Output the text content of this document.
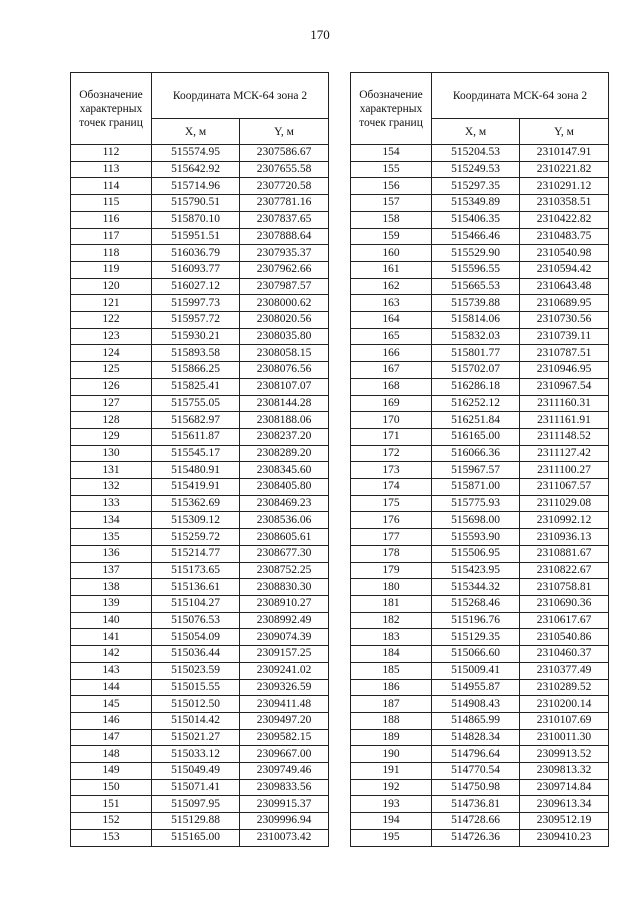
170
Обозначение характерных точек границ	Координата МСК-64 зона 2	
	X, м	Y, м
112	515574.95	2307586.67
113	515642.92	2307655.58
114	515714.96	2307720.58
115	515790.51	2307781.16
116	515870.10	2307837.65
117	515951.51	2307888.64
118	516036.79	2307935.37
119	516093.77	2307962.66
120	516027.12	2307987.57
121	515997.73	2308000.62
122	515957.72	2308020.56
123	515930.21	2308035.80
124	515893.58	2308058.15
125	515866.25	2308076.56
126	515825.41	2308107.07
127	515755.05	2308144.28
128	515682.97	2308188.06
129	515611.87	2308237.20
130	515545.17	2308289.20
131	515480.91	2308345.60
132	515419.91	2308405.80
133	515362.69	2308469.23
134	515309.12	2308536.06
135	515259.72	2308605.61
136	515214.77	2308677.30
137	515173.65	2308752.25
138	515136.61	2308830.30
139	515104.27	2308910.27
140	515076.53	2308992.49
141	515054.09	2309074.39
142	515036.44	2309157.25
143	515023.59	2309241.02
144	515015.55	2309326.59
145	515012.50	2309411.48
146	515014.42	2309497.20
147	515021.27	2309582.15
148	515033.12	2309667.00
149	515049.49	2309749.46
150	515071.41	2309833.56
151	515097.95	2309915.37
152	515129.88	2309996.94
153	515165.00	2310073.42
Обозначение характерных точек границ	Координата МСК-64 зона 2	
	X, м	Y, м
154	515204.53	2310147.91
155	515249.53	2310221.82
156	515297.35	2310291.12
157	515349.89	2310358.51
158	515406.35	2310422.82
159	515466.46	2310483.75
160	515529.90	2310540.98
161	515596.55	2310594.42
162	515665.53	2310643.48
163	515739.88	2310689.95
164	515814.06	2310730.56
165	515832.03	2310739.11
166	515801.77	2310787.51
167	515702.07	2310946.95
168	516286.18	2310967.54
169	516252.12	2311160.31
170	516251.84	2311161.91
171	516165.00	2311148.52
172	516066.36	2311127.42
173	515967.57	2311100.27
174	515871.00	2311067.57
175	515775.93	2311029.08
176	515698.00	2310992.12
177	515593.90	2310936.13
178	515506.95	2310881.67
179	515423.95	2310822.67
180	515344.32	2310758.81
181	515268.46	2310690.36
182	515196.76	2310617.67
183	515129.35	2310540.86
184	515066.60	2310460.37
185	515009.41	2310377.49
186	514955.87	2310289.52
187	514908.43	2310200.14
188	514865.99	2310107.69
189	514828.34	2310011.30
190	514796.64	2309913.52
191	514770.54	2309813.32
192	514750.98	2309714.84
193	514736.81	2309613.34
194	514728.66	2309512.19
195	514726.36	2309410.23
